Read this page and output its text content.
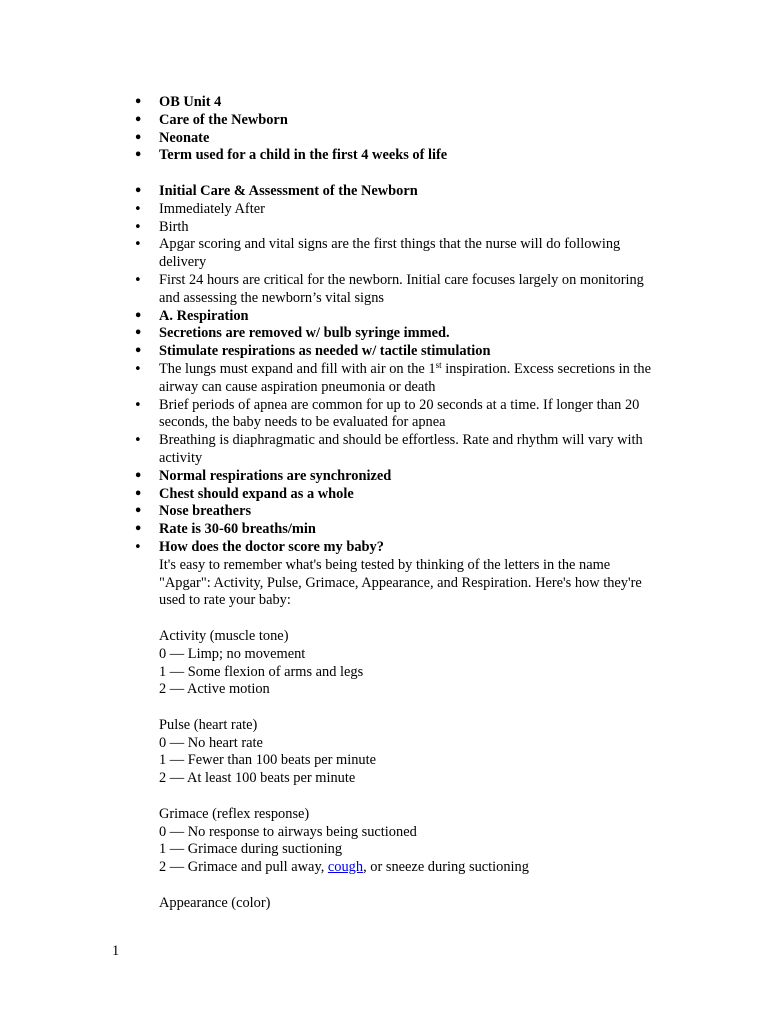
• OB Unit 4
• Care of the Newborn
• Neonate
• Term used for a child in the first 4 weeks of life
• Initial Care & Assessment of the Newborn
• Immediately After
• Birth
• Apgar scoring and vital signs are the first things that the nurse will do following delivery
• First 24 hours are critical for the newborn. Initial care focuses largely on monitoring and assessing the newborn’s vital signs
• A. Respiration
• Secretions are removed w/ bulb syringe immed.
• Stimulate respirations as needed w/ tactile stimulation
• The lungs must expand and fill with air on the 1st inspiration. Excess secretions in the airway can cause aspiration pneumonia or death
• Brief periods of apnea are common for up to 20 seconds at a time. If longer than 20 seconds, the baby needs to be evaluated for apnea
• Breathing is diaphragmatic and should be effortless. Rate and rhythm will vary with activity
• Normal respirations are synchronized
• Chest should expand as a whole
• Nose breathers
• Rate is 30-60 breaths/min
• How does the doctor score my baby?
It's easy to remember what's being tested by thinking of the letters in the name "Apgar": Activity, Pulse, Grimace, Appearance, and Respiration. Here's how they're used to rate your baby:
Activity (muscle tone)
0 — Limp; no movement
1 — Some flexion of arms and legs
2 — Active motion
Pulse (heart rate)
0 — No heart rate
1 — Fewer than 100 beats per minute
2 — At least 100 beats per minute
Grimace (reflex response)
0 — No response to airways being suctioned
1 — Grimace during suctioning
2 — Grimace and pull away, cough, or sneeze during suctioning
Appearance (color)
1
